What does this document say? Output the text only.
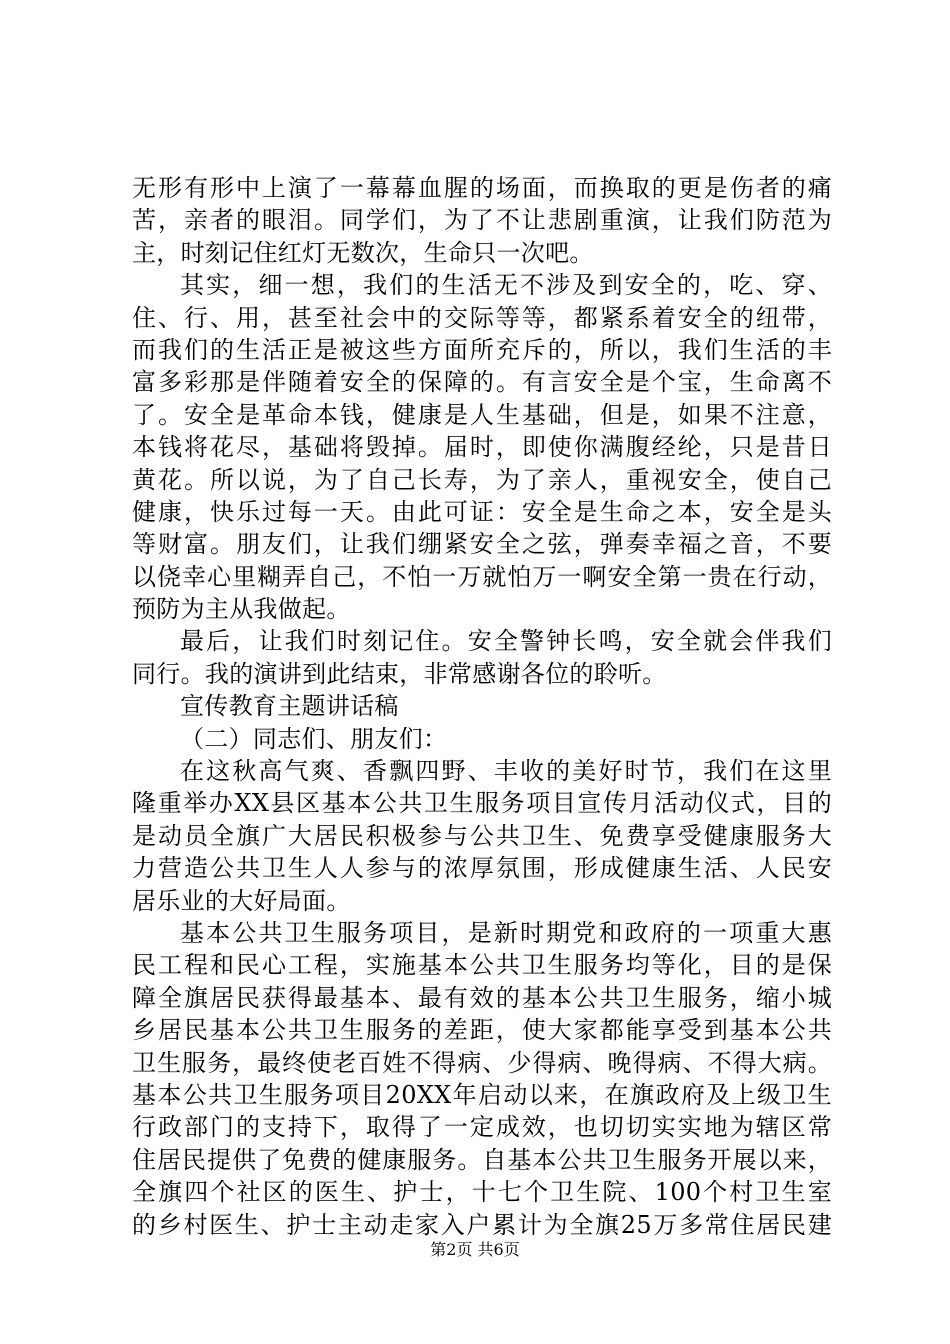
无形有形中上演了一幕幕血腥的场面，而换取的更是伤者的痛
苦，亲者的眼泪。同学们，为了不让悲剧重演，让我们防范为
主，时刻记住红灯无数次，生命只一次吧。
其实，细一想，我们的生活无不涉及到安全的，吃、穿、
住、行、用，甚至社会中的交际等等，都紧系着安全的纽带，
而我们的生活正是被这些方面所充斥的，所以，我们生活的丰
富多彩那是伴随着安全的保障的。有言安全是个宝，生命离不
了。安全是革命本钱，健康是人生基础，但是，如果不注意，
本钱将花尽，基础将毁掉。届时，即使你满腹经纶，只是昔日
黄花。所以说，为了自己长寿，为了亲人，重视安全，使自己
健康，快乐过每一天。由此可证：安全是生命之本，安全是头
等财富。朋友们，让我们绷紧安全之弦，弹奏幸福之音，不要
以侥幸心里糊弄自己，不怕一万就怕万一啊安全第一贵在行动，
预防为主从我做起。
最后，让我们时刻记住。安全警钟长鸣，安全就会伴我们
同行。我的演讲到此结束，非常感谢各位的聆听。
宣传教育主题讲话稿
（二）同志们、朋友们：
在这秋高气爽、香飘四野、丰收的美好时节，我们在这里
隆重举办XX县区基本公共卫生服务项目宣传月活动仪式，目的
是动员全旗广大居民积极参与公共卫生、免费享受健康服务大
力营造公共卫生人人参与的浓厚氛围，形成健康生活、人民安
居乐业的大好局面。
基本公共卫生服务项目，是新时期党和政府的一项重大惠
民工程和民心工程，实施基本公共卫生服务均等化，目的是保
障全旗居民获得最基本、最有效的基本公共卫生服务，缩小城
乡居民基本公共卫生服务的差距，使大家都能享受到基本公共
卫生服务，最终使老百姓不得病、少得病、晚得病、不得大病。
基本公共卫生服务项目20XX年启动以来，在旗政府及上级卫生
行政部门的支持下，取得了一定成效，也切切实实地为辖区常
住居民提供了免费的健康服务。自基本公共卫生服务开展以来，
全旗四个社区的医生、护士，十七个卫生院、100个村卫生室
的乡村医生、护士主动走家入户累计为全旗25万多常住居民建
第2页 共6页
